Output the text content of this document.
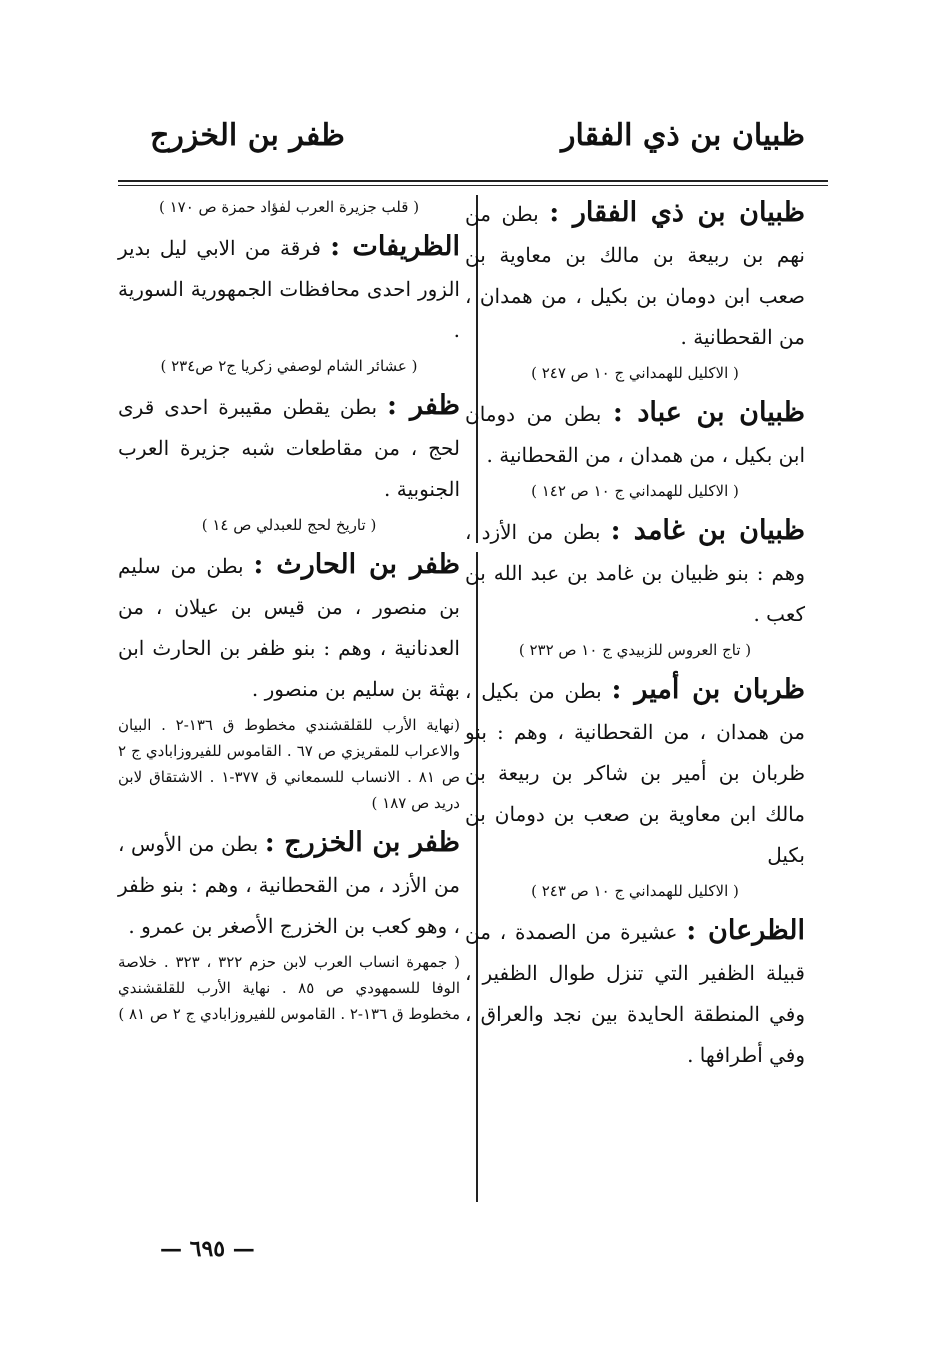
ظبيان بن ذي الفقار
ظفر بن الخزرج
ظبيان بن ذي الفقار : بطن من نهم بن ربيعة بن مالك بن معاوية بن صعب ابن دومان بن بكيل ، من همدان ، من القحطانية .
( الاكليل للهمداني ج ١٠ ص ٢٤٧ )
ظبيان بن عباد : بطن من دومان ابن بكيل ، من همدان ، من القحطانية .
( الاكليل للهمداني ج ١٠ ص ١٤٢ )
ظبيان بن غامد : بطن من الأزد ، وهم : بنو ظبيان بن غامد بن عبد الله بن كعب .
( تاج العروس للزبيدي ج ١٠ ص ٢٣٢ )
ظربان بن أمير : بطن من بكيل ، من همدان ، من القحطانية ، وهم : بنو ظربان بن أمير بن شاكر بن ربيعة بن مالك ابن معاوية بن صعب بن دومان بن بكيل
( الاكليل للهمداني ج ١٠ ص ٢٤٣ )
الظرعان : عشيرة من الصمدة ، من قبيلة الظفير التي تنزل طوال الظفير ، وفي المنطقة الحايدة بين نجد والعراق ، وفي أطرافها .
( قلب جزيرة العرب لفؤاد حمزة ص ١٧٠ )
الظريفات : فرقة من الابي ليل بدير الزور احدى محافظات الجمهورية السورية .
( عشائر الشام لوصفي زكريا ج٢ ص٢٣٤ )
ظفر : بطن يقطن مقيبرة احدى قرى لحج ، من مقاطعات شبه جزيرة العرب الجنوبية .
( تاريخ لحج للعبدلي ص ١٤ )
ظفر بن الحارث : بطن من سليم بن منصور ، من قيس بن عيلان ، من العدنانية ، وهم : بنو ظفر بن الحارث ابن بهثة بن سليم بن منصور .
(نهاية الأرب للقلقشندي مخطوط ق ١٣٦-٢ . البيان والاعراب للمقريزي ص ٦٧ . القاموس للفيروزابادي ج ٢ ص ٨١ . الانساب للسمعاني ق ٣٧٧-١ . الاشتقاق لابن دريد ص ١٨٧ )
ظفر بن الخزرج : بطن من الأوس ، من الأزد ، من القحطانية ، وهم : بنو ظفر ، وهو كعب بن الخزرج الأصغر بن عمرو .
( جمهرة انساب العرب لابن حزم ٣٢٢ ، ٣٢٣ . خلاصة الوفا للسمهودي ص ٨٥ . نهاية الأرب للقلقشندي مخطوط ق ١٣٦-٢ . القاموس للفيروزابادي ج ٢ ص ٨١ )
— ٦٩٥ —
